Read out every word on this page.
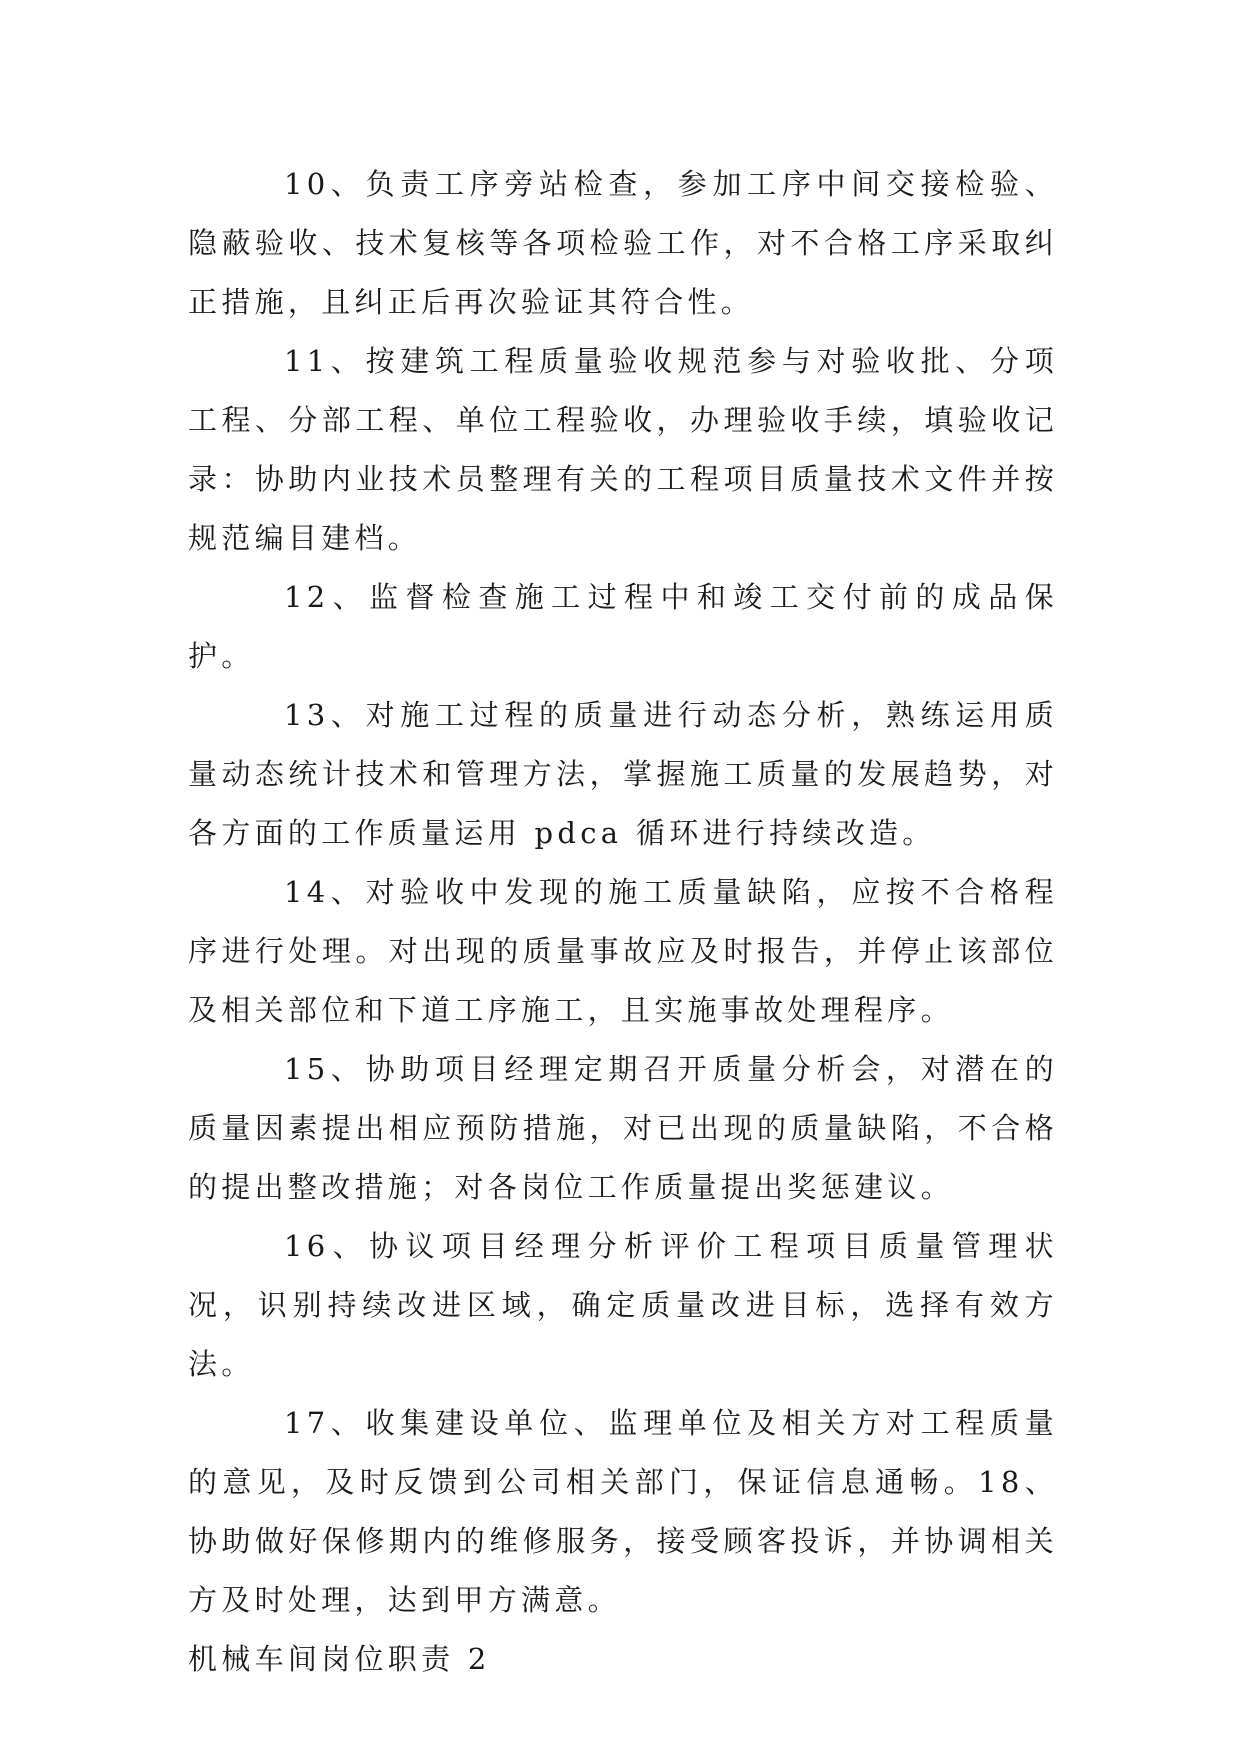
10、负责工序旁站检查，参加工序中间交接检验、隐蔽验收、技术复核等各项检验工作，对不合格工序采取纠正措施，且纠正后再次验证其符合性。

11、按建筑工程质量验收规范参与对验收批、分项工程、分部工程、单位工程验收，办理验收手续，填验收记录：协助内业技术员整理有关的工程项目质量技术文件并按规范编目建档。

12、监督检查施工过程中和竣工交付前的成品保护。

13、对施工过程的质量进行动态分析，熟练运用质量动态统计技术和管理方法，掌握施工质量的发展趋势，对各方面的工作质量运用 pdca 循环进行持续改造。

14、对验收中发现的施工质量缺陷，应按不合格程序进行处理。对出现的质量事故应及时报告，并停止该部位及相关部位和下道工序施工，且实施事故处理程序。

15、协助项目经理定期召开质量分析会，对潜在的质量因素提出相应预防措施，对已出现的质量缺陷，不合格的提出整改措施；对各岗位工作质量提出奖惩建议。

16、协议项目经理分析评价工程项目质量管理状况，识别持续改进区域，确定质量改进目标，选择有效方法。

17、收集建设单位、监理单位及相关方对工程质量的意见，及时反馈到公司相关部门，保证信息通畅。18、协助做好保修期内的维修服务，接受顾客投诉，并协调相关方及时处理，达到甲方满意。

机械车间岗位职责 2
